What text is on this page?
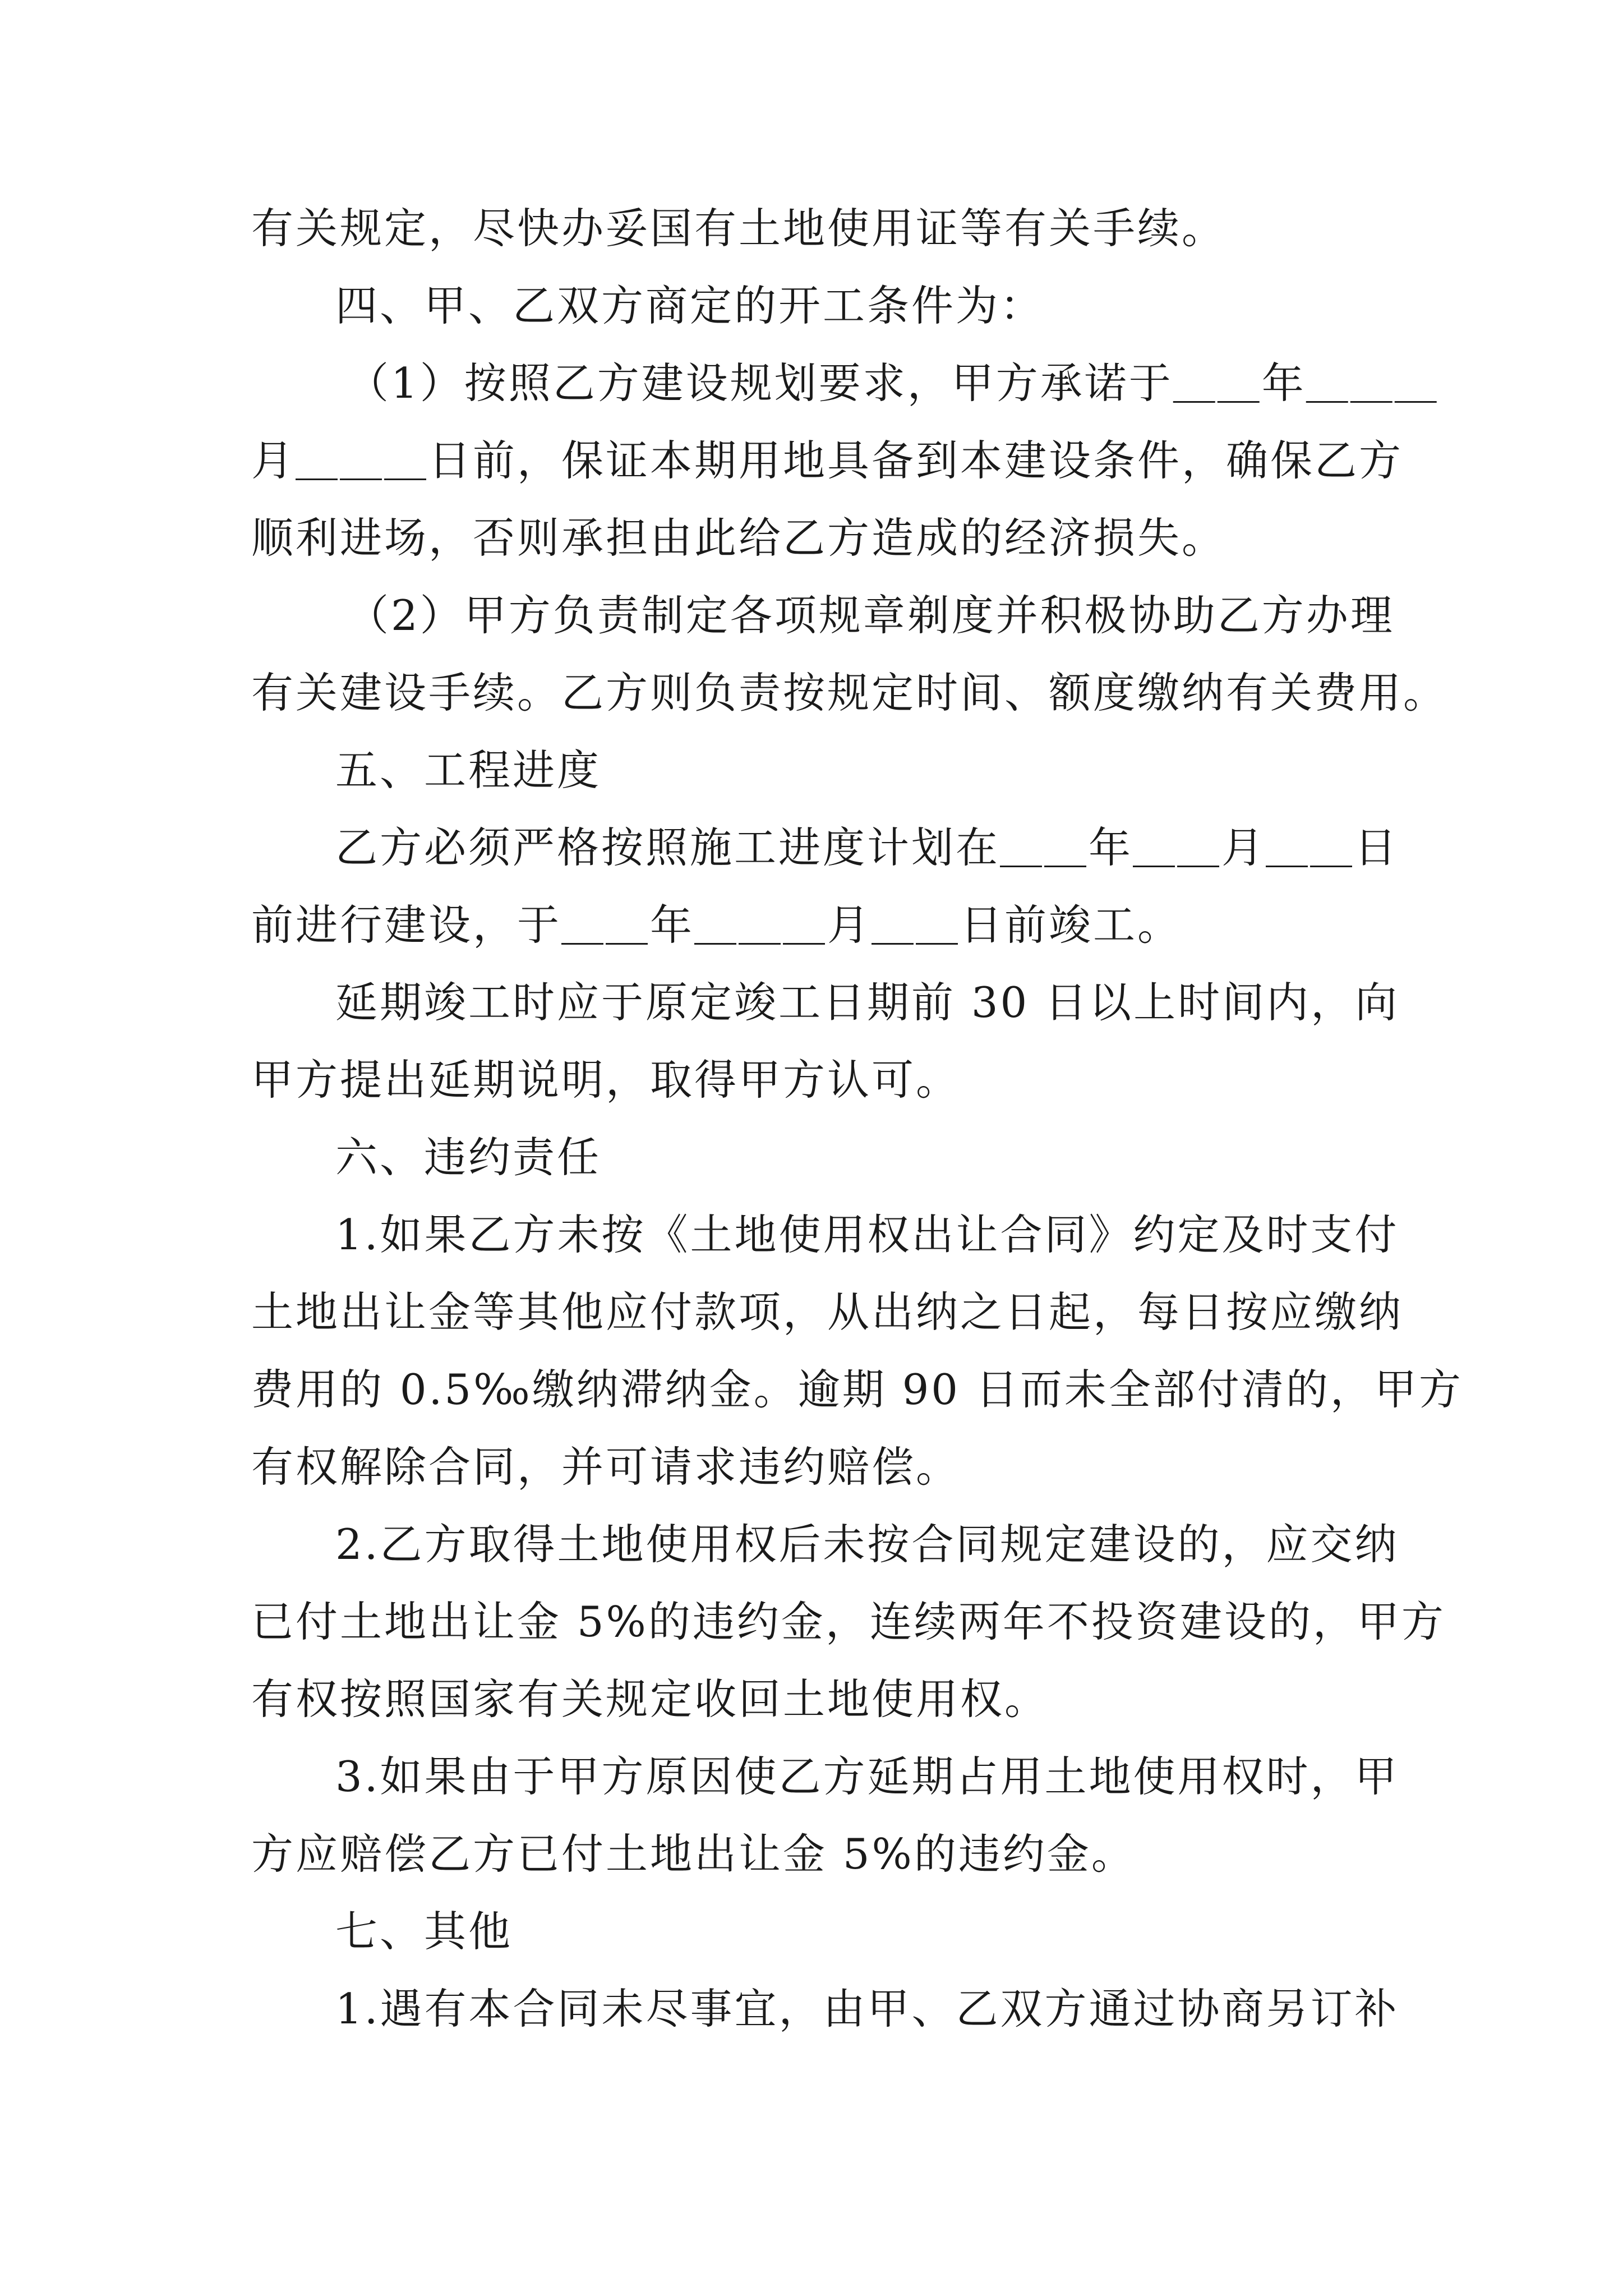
有关规定，尽快办妥国有土地使用证等有关手续。
四、甲、乙双方商定的开工条件为：
（1）按照乙方建设规划要求，甲方承诺于＿＿年＿＿＿
月＿＿＿日前，保证本期用地具备到本建设条件，确保乙方
顺利进场，否则承担由此给乙方造成的经济损失。
（2）甲方负责制定各项规章剃度并积极协助乙方办理
有关建设手续。乙方则负责按规定时间、额度缴纳有关费用。
五、工程进度
乙方必须严格按照施工进度计划在＿＿年＿＿月＿＿日
前进行建设，于＿＿年＿＿＿月＿＿日前竣工。
延期竣工时应于原定竣工日期前 30 日以上时间内，向
甲方提出延期说明，取得甲方认可。
六、违约责任
1.如果乙方未按《土地使用权出让合同》约定及时支付
土地出让金等其他应付款项，从出纳之日起，每日按应缴纳
费用的 0.5‰缴纳滞纳金。逾期 90 日而未全部付清的，甲方
有权解除合同，并可请求违约赔偿。
2.乙方取得土地使用权后未按合同规定建设的，应交纳
已付土地出让金 5%的违约金，连续两年不投资建设的，甲方
有权按照国家有关规定收回土地使用权。
3.如果由于甲方原因使乙方延期占用土地使用权时，甲
方应赔偿乙方已付土地出让金 5%的违约金。
七、其他
1.遇有本合同未尽事宜，由甲、乙双方通过协商另订补
